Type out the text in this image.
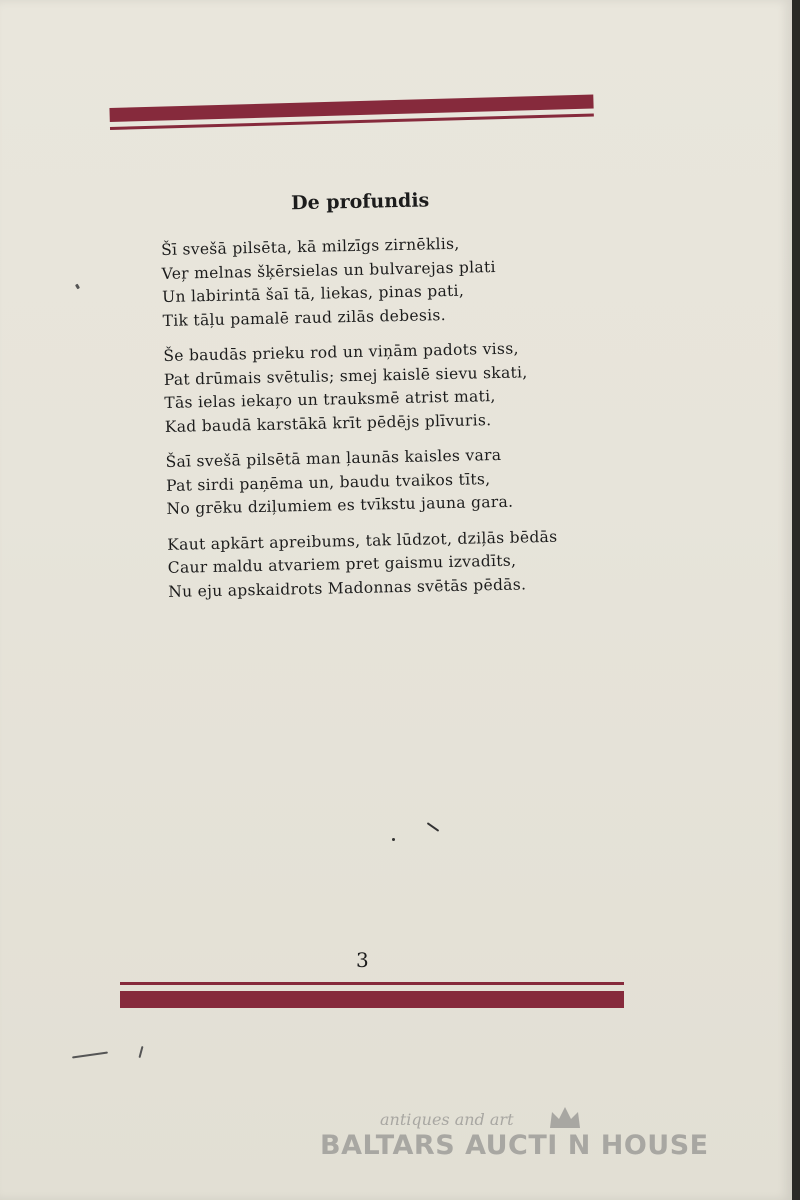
De profundis
Šī svešā pilsēta, kā milzīgs zirnēklis,
Veŗ melnas šķērsielas un bulvarejas plati
Un labirintā šaī tā, liekas, pinas pati,
Tik tāļu pamalē raud zilās debesis.
Še baudās prieku rod un viņām padots viss,
Pat drūmais svētulis; smej kaislē sievu skati,
Tās ielas iekaŗo un trauksmē atrist mati,
Kad baudā karstākā krīt pēdējs plīvuris.
Šaī svešā pilsētā man ļaunās kaisles vara
Pat sirdi paņēma un, baudu tvaikos tīts,
No grēku dziļumiem es tvīkstu jauna gara.
Kaut apkārt apreibums, tak lūdzot, dziļās bēdās
Caur maldu atvariem pret gaismu izvadīts,
Nu eju apskaidrots Madonnas svētās pēdās.
3
antiques and art
BALTARS AUCTI N HOUSE
